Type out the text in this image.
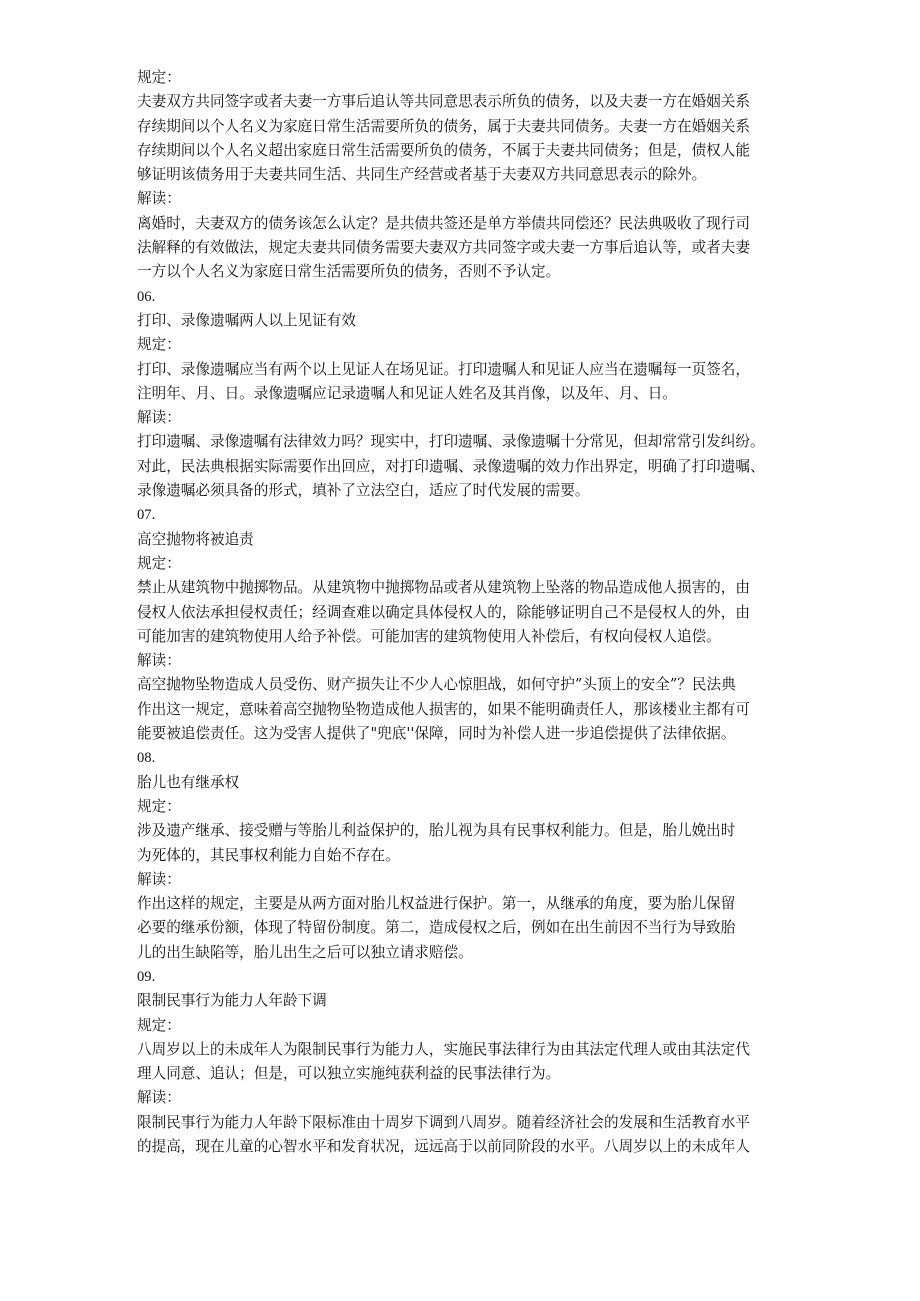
规定：
夫妻双方共同签字或者夫妻一方事后追认等共同意思表示所负的债务，以及夫妻一方在婚姻关系
存续期间以个人名义为家庭日常生活需要所负的债务，属于夫妻共同债务。夫妻一方在婚姻关系
存续期间以个人名义超出家庭日常生活需要所负的债务，不属于夫妻共同债务；但是，债权人能
够证明该债务用于夫妻共同生活、共同生产经营或者基于夫妻双方共同意思表示的除外。
解读：
离婚时，夫妻双方的债务该怎么认定？是共债共签还是单方举债共同偿还？民法典吸收了现行司
法解释的有效做法，规定夫妻共同债务需要夫妻双方共同签字或夫妻一方事后追认等，或者夫妻
一方以个人名义为家庭日常生活需要所负的债务，否则不予认定。
06.
打印、录像遗嘱两人以上见证有效
规定：
打印、录像遗嘱应当有两个以上见证人在场见证。打印遗嘱人和见证人应当在遗嘱每一页签名，
注明年、月、日。录像遗嘱应记录遗嘱人和见证人姓名及其肖像，以及年、月、日。
解读：
打印遗嘱、录像遗嘱有法律效力吗？现实中，打印遗嘱、录像遗嘱十分常见，但却常常引发纠纷。
对此，民法典根据实际需要作出回应，对打印遗嘱、录像遗嘱的效力作出界定，明确了打印遗嘱、
录像遗嘱必须具备的形式，填补了立法空白，适应了时代发展的需要。
07.
高空抛物将被追责
规定：
禁止从建筑物中抛掷物品。从建筑物中抛掷物品或者从建筑物上坠落的物品造成他人损害的，由
侵权人依法承担侵权责任；经调查难以确定具体侵权人的，除能够证明自己不是侵权人的外，由
可能加害的建筑物使用人给予补偿。可能加害的建筑物使用人补偿后，有权向侵权人追偿。
解读：
高空抛物坠物造成人员受伤、财产损失让不少人心惊胆战，如何守护”头顶上的安全”？民法典
作出这一规定，意味着高空抛物坠物造成他人损害的，如果不能明确责任人，那该楼业主都有可
能要被追偿责任。这为受害人提供了"兜底''保障，同时为补偿人进一步追偿提供了法律依据。
08.
胎儿也有继承权
规定：
涉及遗产继承、接受赠与等胎儿利益保护的，胎儿视为具有民事权利能力。但是，胎儿娩出时
为死体的，其民事权利能力自始不存在。
解读：
作出这样的规定，主要是从两方面对胎儿权益进行保护。第一，从继承的角度，要为胎儿保留
必要的继承份额，体现了特留份制度。第二，造成侵权之后，例如在出生前因不当行为导致胎
儿的出生缺陷等，胎儿出生之后可以独立请求赔偿。
09.
限制民事行为能力人年龄下调
规定：
八周岁以上的未成年人为限制民事行为能力人，实施民事法律行为由其法定代理人或由其法定代
理人同意、追认；但是，可以独立实施纯获利益的民事法律行为。
解读：
限制民事行为能力人年龄下限标准由十周岁下调到八周岁。随着经济社会的发展和生活教育水平
的提高，现在儿童的心智水平和发育状况，远远高于以前同阶段的水平。八周岁以上的未成年人
